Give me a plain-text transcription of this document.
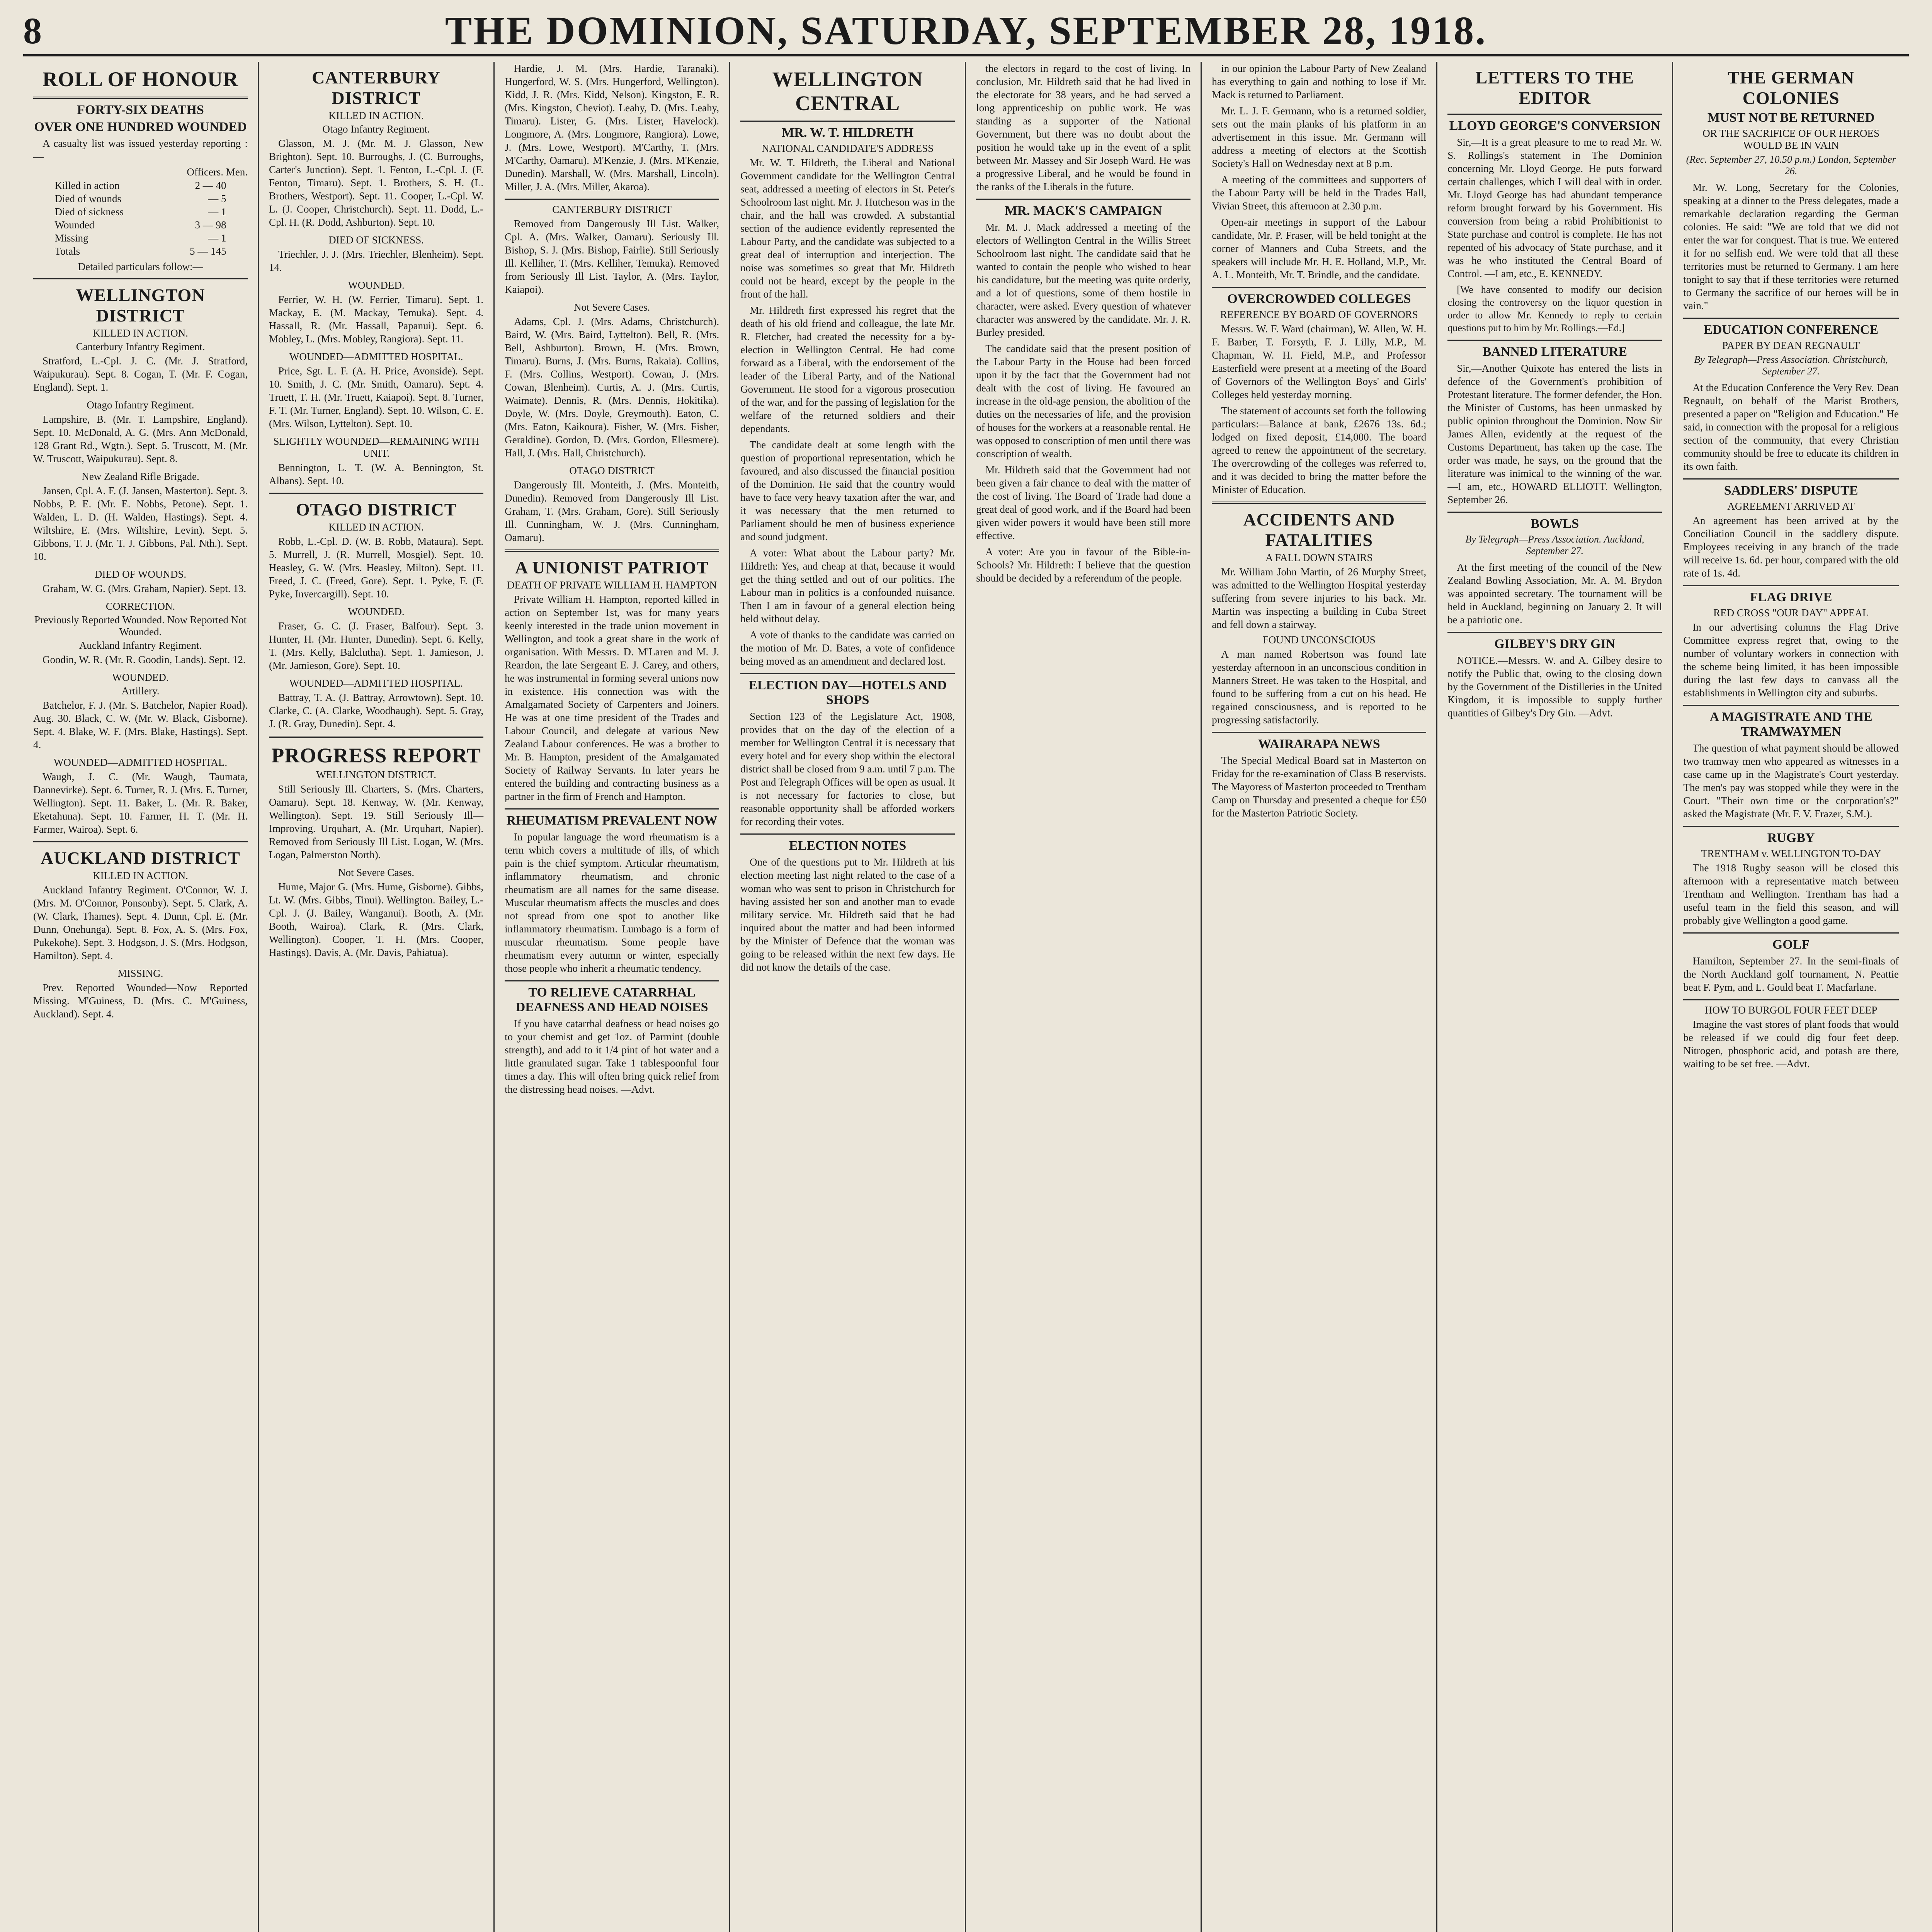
8	THE DOMINION, SATURDAY, SEPTEMBER 28, 1918.
ROLL OF HONOUR
FORTY-SIX DEATHS
OVER ONE HUNDRED WOUNDED

A casualty list was issued yesterday reporting :—

Officers. Men.
Killed in action	2 — 40
Died of wounds	— 5
Died of sickness	— 1
Wounded	3 — 98
Missing	— 1
Totals	5 — 145
Detailed particulars follow:—
WELLINGTON DISTRICT
KILLED IN ACTION.
Canterbury Infantry Regiment.

Stratford, L.-Cpl. J. C. (Mr. J. Stratford, Waipukurau). Sept. 8. Cogan, T. (Mr. F. Cogan, England). Sept. 1.

Otago Infantry Regiment.

Lampshire, B. (Mr. T. Lampshire, England). Sept. 10. McDonald, A. G. (Mrs. Ann McDonald, 128 Grant Rd., Wgtn.). Sept. 5. Truscott, M. (Mr. W. Truscott, Waipukurau). Sept. 8.

New Zealand Rifle Brigade.

Jansen, Cpl. A. F. (J. Jansen, Masterton). Sept. 3. Nobbs, P. E. (Mr. E. Nobbs, Petone). Sept. 1. Walden, L. D. (H. Walden, Hastings). Sept. 4. Wiltshire, E. (Mrs. Wiltshire, Levin). Sept. 5. Gibbons, T. J. (Mr. T. J. Gibbons, Pal. Nth.). Sept. 10.

DIED OF WOUNDS.

Graham, W. G. (Mrs. Graham, Napier). Sept. 13.

CORRECTION.
Previously Reported Wounded. Now Reported Not Wounded.
Auckland Infantry Regiment.

Goodin, W. R. (Mr. R. Goodin, Lands). Sept. 12.

WOUNDED.
Artillery.

Batchelor, F. J. (Mr. S. Batchelor, Napier Road). Aug. 30. Black, C. W. (Mr. W. Black, Gisborne). Sept. 4. Blake, W. F. (Mrs. Blake, Hastings). Sept. 4.

WOUNDED—ADMITTED HOSPITAL.

Waugh, J. C. (Mr. Waugh, Taumata, Dannevirke). Sept. 6. Turner, R. J. (Mrs. E. Turner, Wellington). Sept. 11. Baker, L. (Mr. R. Baker, Eketahuna). Sept. 10. Farmer, H. T. (Mr. H. Farmer, Wairoa). Sept. 6.

AUCKLAND DISTRICT
KILLED IN ACTION.

Auckland Infantry Regiment. O'Connor, W. J. (Mrs. M. O'Connor, Ponsonby). Sept. 5. Clark, A. (W. Clark, Thames). Sept. 4. Dunn, Cpl. E. (Mr. Dunn, Onehunga). Sept. 8. Fox, A. S. (Mrs. Fox, Pukekohe). Sept. 3. Hodgson, J. S. (Mrs. Hodgson, Hamilton). Sept. 4.

MISSING.

Prev. Reported Wounded—Now Reported Missing. M'Guiness, D. (Mrs. C. M'Guiness, Auckland). Sept. 4.

CANTERBURY DISTRICT
KILLED IN ACTION.
Otago Infantry Regiment.

Glasson, M. J. (Mr. M. J. Glasson, New Brighton). Sept. 10. Burroughs, J. (C. Burroughs, Carter's Junction). Sept. 1. Fenton, L.-Cpl. J. (F. Fenton, Timaru). Sept. 1. Brothers, S. H. (L. Brothers, Westport). Sept. 11. Cooper, L.-Cpl. W. L. (J. Cooper, Christchurch). Sept. 11. Dodd, L.-Cpl. H. (R. Dodd, Ashburton). Sept. 10.

DIED OF SICKNESS.

Triechler, J. J. (Mrs. Triechler, Blenheim). Sept. 14.

WOUNDED.

Ferrier, W. H. (W. Ferrier, Timaru). Sept. 1. Mackay, E. (M. Mackay, Temuka). Sept. 4. Hassall, R. (Mr. Hassall, Papanui). Sept. 6. Mobley, L. (Mrs. Mobley, Rangiora). Sept. 11.

WOUNDED—ADMITTED HOSPITAL.

Price, Sgt. L. F. (A. H. Price, Avonside). Sept. 10. Smith, J. C. (Mr. Smith, Oamaru). Sept. 4. Truett, T. H. (Mr. Truett, Kaiapoi). Sept. 8. Turner, F. T. (Mr. Turner, England). Sept. 10. Wilson, C. E. (Mrs. Wilson, Lyttelton). Sept. 10.

SLIGHTLY WOUNDED—REMAINING WITH UNIT.

Bennington, L. T. (W. A. Bennington, St. Albans). Sept. 10.

OTAGO DISTRICT
KILLED IN ACTION.

Robb, L.-Cpl. D. (W. B. Robb, Mataura). Sept. 5. Murrell, J. (R. Murrell, Mosgiel). Sept. 10. Heasley, G. W. (Mrs. Heasley, Milton). Sept. 11. Freed, J. C. (Freed, Gore). Sept. 1. Pyke, F. (F. Pyke, Invercargill). Sept. 10.

WOUNDED.

Fraser, G. C. (J. Fraser, Balfour). Sept. 3. Hunter, H. (Mr. Hunter, Dunedin). Sept. 6. Kelly, T. (Mrs. Kelly, Balclutha). Sept. 1. Jamieson, J. (Mr. Jamieson, Gore). Sept. 10.

WOUNDED—ADMITTED HOSPITAL.

Battray, T. A. (J. Battray, Arrowtown). Sept. 10. Clarke, C. (A. Clarke, Woodhaugh). Sept. 5. Gray, J. (R. Gray, Dunedin). Sept. 4.

PROGRESS REPORT
WELLINGTON DISTRICT.

Still Seriously Ill. Charters, S. (Mrs. Charters, Oamaru). Sept. 18. Kenway, W. (Mr. Kenway, Wellington). Sept. 19. Still Seriously Ill—Improving. Urquhart, A. (Mr. Urquhart, Napier). Removed from Seriously Ill List. Logan, W. (Mrs. Logan, Palmerston North).

Not Severe Cases.

Hume, Major G. (Mrs. Hume, Gisborne). Gibbs, Lt. W. (Mrs. Gibbs, Tinui). Wellington. Bailey, L.-Cpl. J. (J. Bailey, Wanganui). Booth, A. (Mr. Booth, Wairoa). Clark, R. (Mrs. Clark, Wellington). Cooper, T. H. (Mrs. Cooper, Hastings). Davis, A. (Mr. Davis, Pahiatua).

Hardie, J. M. (Mrs. Hardie, Taranaki). Hungerford, W. S. (Mrs. Hungerford, Wellington). Kidd, J. R. (Mrs. Kidd, Nelson). Kingston, E. R. (Mrs. Kingston, Cheviot). Leahy, D. (Mrs. Leahy, Timaru). Lister, G. (Mrs. Lister, Havelock). Longmore, A. (Mrs. Longmore, Rangiora). Lowe, J. (Mrs. Lowe, Westport). M'Carthy, T. (Mrs. M'Carthy, Oamaru). M'Kenzie, J. (Mrs. M'Kenzie, Dunedin). Marshall, W. (Mrs. Marshall, Lincoln). Miller, J. A. (Mrs. Miller, Akaroa).

CANTERBURY DISTRICT

Removed from Dangerously Ill List. Walker, Cpl. A. (Mrs. Walker, Oamaru). Seriously Ill. Bishop, S. J. (Mrs. Bishop, Fairlie). Still Seriously Ill. Kelliher, T. (Mrs. Kelliher, Temuka). Removed from Seriously Ill List. Taylor, A. (Mrs. Taylor, Kaiapoi).

Not Severe Cases.

Adams, Cpl. J. (Mrs. Adams, Christchurch). Baird, W. (Mrs. Baird, Lyttelton). Bell, R. (Mrs. Bell, Ashburton). Brown, H. (Mrs. Brown, Timaru). Burns, J. (Mrs. Burns, Rakaia). Collins, F. (Mrs. Collins, Westport). Cowan, J. (Mrs. Cowan, Blenheim). Curtis, A. J. (Mrs. Curtis, Waimate). Dennis, R. (Mrs. Dennis, Hokitika). Doyle, W. (Mrs. Doyle, Greymouth). Eaton, C. (Mrs. Eaton, Kaikoura). Fisher, W. (Mrs. Fisher, Geraldine). Gordon, D. (Mrs. Gordon, Ellesmere). Hall, J. (Mrs. Hall, Christchurch).

OTAGO DISTRICT

Dangerously Ill. Monteith, J. (Mrs. Monteith, Dunedin). Removed from Dangerously Ill List. Graham, T. (Mrs. Graham, Gore). Still Seriously Ill. Cunningham, W. J. (Mrs. Cunningham, Oamaru).

A UNIONIST PATRIOT
DEATH OF PRIVATE WILLIAM H. HAMPTON

Private William H. Hampton, reported killed in action on September 1st, was for many years keenly interested in the trade union movement in Wellington, and took a great share in the work of organisation. With Messrs. D. M'Laren and M. J. Reardon, the late Sergeant E. J. Carey, and others, he was instrumental in forming several unions now in existence. His connection was with the Amalgamated Society of Carpenters and Joiners. He was at one time president of the Trades and Labour Council, and delegate at various New Zealand Labour conferences. He was a brother to Mr. B. Hampton, president of the Amalgamated Society of Railway Servants. In later years he entered the building and contracting business as a partner in the firm of French and Hampton.

RHEUMATISM PREVALENT NOW

In popular language the word rheumatism is a term which covers a multitude of ills, of which pain is the chief symptom. Articular rheumatism, inflammatory rheumatism, and chronic rheumatism are all names for the same disease. Muscular rheumatism affects the muscles and does not spread from one spot to another like inflammatory rheumatism. Lumbago is a form of muscular rheumatism. Some people have rheumatism every autumn or winter, especially those people who inherit a rheumatic tendency.

TO RELIEVE CATARRHAL DEAFNESS AND HEAD NOISES

If you have catarrhal deafness or head noises go to your chemist and get 1oz. of Parmint (double strength), and add to it 1/4 pint of hot water and a little granulated sugar. Take 1 tablespoonful four times a day. This will often bring quick relief from the distressing head noises. —Advt.

WELLINGTON CENTRAL
MR. W. T. HILDRETH
NATIONAL CANDIDATE'S ADDRESS

Mr. W. T. Hildreth, the Liberal and National Government candidate for the Wellington Central seat, addressed a meeting of electors in St. Peter's Schoolroom last night. Mr. J. Hutcheson was in the chair, and the hall was crowded. A substantial section of the audience evidently represented the Labour Party, and the candidate was subjected to a great deal of interruption and interjection. The noise was sometimes so great that Mr. Hildreth could not be heard, except by the people in the front of the hall.

Mr. Hildreth first expressed his regret that the death of his old friend and colleague, the late Mr. R. Fletcher, had created the necessity for a by-election in Wellington Central. He had come forward as a Liberal, with the endorsement of the leader of the Liberal Party, and of the National Government. He stood for a vigorous prosecution of the war, and for the passing of legislation for the welfare of the returned soldiers and their dependants.

The candidate dealt at some length with the question of proportional representation, which he favoured, and also discussed the financial position of the Dominion. He said that the country would have to face very heavy taxation after the war, and it was necessary that the men returned to Parliament should be men of business experience and sound judgment.

A voter: What about the Labour party? Mr. Hildreth: Yes, and cheap at that, because it would get the thing settled and out of our politics. The Labour man in politics is a confounded nuisance. Then I am in favour of a general election being held without delay.

A vote of thanks to the candidate was carried on the motion of Mr. D. Bates, a vote of confidence being moved as an amendment and declared lost.

ELECTION DAY—HOTELS AND SHOPS

Section 123 of the Legislature Act, 1908, provides that on the day of the election of a member for Wellington Central it is necessary that every hotel and for every shop within the electoral district shall be closed from 9 a.m. until 7 p.m. The Post and Telegraph Offices will be open as usual. It is not necessary for factories to close, but reasonable opportunity shall be afforded workers for recording their votes.

ELECTION NOTES

One of the questions put to Mr. Hildreth at his election meeting last night related to the case of a woman who was sent to prison in Christchurch for having assisted her son and another man to evade military service. Mr. Hildreth said that he had inquired about the matter and had been informed by the Minister of Defence that the woman was going to be released within the next few days. He did not know the details of the case.

the electors in regard to the cost of living. In conclusion, Mr. Hildreth said that he had lived in the electorate for 38 years, and he had served a long apprenticeship on public work. He was standing as a supporter of the National Government, but there was no doubt about the position he would take up in the event of a split between Mr. Massey and Sir Joseph Ward. He was a progressive Liberal, and he would be found in the ranks of the Liberals in the future.

MR. MACK'S CAMPAIGN

Mr. M. J. Mack addressed a meeting of the electors of Wellington Central in the Willis Street Schoolroom last night. The candidate said that he wanted to contain the people who wished to hear his candidature, but the meeting was quite orderly, and a lot of questions, some of them hostile in character, were asked. Every question of whatever character was answered by the candidate. Mr. J. R. Burley presided.

The candidate said that the present position of the Labour Party in the House had been forced upon it by the fact that the Government had not dealt with the cost of living. He favoured an increase in the old-age pension, the abolition of the duties on the necessaries of life, and the provision of houses for the workers at a reasonable rental. He was opposed to conscription of men until there was conscription of wealth.

Mr. Hildreth said that the Government had not been given a fair chance to deal with the matter of the cost of living. The Board of Trade had done a great deal of good work, and if the Board had been given wider powers it would have been still more effective.

A voter: Are you in favour of the Bible-in-Schools? Mr. Hildreth: I believe that the question should be decided by a referendum of the people.

in our opinion the Labour Party of New Zealand has everything to gain and nothing to lose if Mr. Mack is returned to Parliament.

Mr. L. J. F. Germann, who is a returned soldier, sets out the main planks of his platform in an advertisement in this issue. Mr. Germann will address a meeting of electors at the Scottish Society's Hall on Wednesday next at 8 p.m.

A meeting of the committees and supporters of the Labour Party will be held in the Trades Hall, Vivian Street, this afternoon at 2.30 p.m.

Open-air meetings in support of the Labour candidate, Mr. P. Fraser, will be held tonight at the corner of Manners and Cuba Streets, and the speakers will include Mr. H. E. Holland, M.P., Mr. A. L. Monteith, Mr. T. Brindle, and the candidate.

OVERCROWDED COLLEGES
REFERENCE BY BOARD OF GOVERNORS

Messrs. W. F. Ward (chairman), W. Allen, W. H. F. Barber, T. Forsyth, F. J. Lilly, M.P., M. Chapman, W. H. Field, M.P., and Professor Easterfield were present at a meeting of the Board of Governors of the Wellington Boys' and Girls' Colleges held yesterday morning.

The statement of accounts set forth the following particulars:—Balance at bank, £2676 13s. 6d.; lodged on fixed deposit, £14,000. The board agreed to renew the appointment of the secretary. The overcrowding of the colleges was referred to, and it was decided to bring the matter before the Minister of Education.

ACCIDENTS AND FATALITIES
A FALL DOWN STAIRS

Mr. William John Martin, of 26 Murphy Street, was admitted to the Wellington Hospital yesterday suffering from severe injuries to his back. Mr. Martin was inspecting a building in Cuba Street and fell down a stairway.

FOUND UNCONSCIOUS

A man named Robertson was found late yesterday afternoon in an unconscious condition in Manners Street. He was taken to the Hospital, and found to be suffering from a cut on his head. He regained consciousness, and is reported to be progressing satisfactorily.

WAIRARAPA NEWS

The Special Medical Board sat in Masterton on Friday for the re-examination of Class B reservists. The Mayoress of Masterton proceeded to Trentham Camp on Thursday and presented a cheque for £50 for the Masterton Patriotic Society.

LETTERS TO THE EDITOR
LLOYD GEORGE'S CONVERSION

Sir,—It is a great pleasure to me to read Mr. W. S. Rollings's statement in The Dominion concerning Mr. Lloyd George. He puts forward certain challenges, which I will deal with in order. Mr. Lloyd George has had abundant temperance reform brought forward by his Government. His conversion from being a rabid Prohibitionist to State purchase and control is complete. He has not repented of his advocacy of State purchase, and it was he who instituted the Central Board of Control. —I am, etc., E. KENNEDY.

[We have consented to modify our decision closing the controversy on the liquor question in order to allow Mr. Kennedy to reply to certain questions put to him by Mr. Rollings.—Ed.]

BANNED LITERATURE

Sir,—Another Quixote has entered the lists in defence of the Government's prohibition of Protestant literature. The former defender, the Hon. the Minister of Customs, has been unmasked by public opinion throughout the Dominion. Now Sir James Allen, evidently at the request of the Customs Department, has taken up the case. The order was made, he says, on the ground that the literature was inimical to the winning of the war. —I am, etc., HOWARD ELLIOTT. Wellington, September 26.

BOWLS
By Telegraph—Press Association. Auckland, September 27.

At the first meeting of the council of the New Zealand Bowling Association, Mr. A. M. Brydon was appointed secretary. The tournament will be held in Auckland, beginning on January 2. It will be a patriotic one.

GILBEY'S DRY GIN

NOTICE.—Messrs. W. and A. Gilbey desire to notify the Public that, owing to the closing down by the Government of the Distilleries in the United Kingdom, it is impossible to supply further quantities of Gilbey's Dry Gin. —Advt.

THE GERMAN COLONIES
MUST NOT BE RETURNED
OR THE SACRIFICE OF OUR HEROES WOULD BE IN VAIN
(Rec. September 27, 10.50 p.m.) London, September 26.

Mr. W. Long, Secretary for the Colonies, speaking at a dinner to the Press delegates, made a remarkable declaration regarding the German colonies. He said: "We are told that we did not enter the war for conquest. That is true. We entered it for no selfish end. We were told that all these territories must be returned to Germany. I am here tonight to say that if these territories were returned to Germany the sacrifice of our heroes will be in vain."

EDUCATION CONFERENCE
PAPER BY DEAN REGNAULT
By Telegraph—Press Association. Christchurch, September 27.

At the Education Conference the Very Rev. Dean Regnault, on behalf of the Marist Brothers, presented a paper on "Religion and Education." He said, in connection with the proposal for a religious section of the community, that every Christian community should be free to educate its children in its own faith.

SADDLERS' DISPUTE
AGREEMENT ARRIVED AT

An agreement has been arrived at by the Conciliation Council in the saddlery dispute. Employees receiving in any branch of the trade will receive 1s. 6d. per hour, compared with the old rate of 1s. 4d.

FLAG DRIVE
RED CROSS "OUR DAY" APPEAL

In our advertising columns the Flag Drive Committee express regret that, owing to the number of voluntary workers in connection with the scheme being limited, it has been impossible during the last few days to canvass all the establishments in Wellington city and suburbs.

A MAGISTRATE AND THE TRAMWAYMEN

The question of what payment should be allowed two tramway men who appeared as witnesses in a case came up in the Magistrate's Court yesterday. The men's pay was stopped while they were in the Court. "Their own time or the corporation's?" asked the Magistrate (Mr. F. V. Frazer, S.M.).

RUGBY
TRENTHAM v. WELLINGTON TO-DAY

The 1918 Rugby season will be closed this afternoon with a representative match between Trentham and Wellington. Trentham has had a useful team in the field this season, and will probably give Wellington a good game.

GOLF

Hamilton, September 27. In the semi-finals of the North Auckland golf tournament, N. Peattie beat F. Pym, and L. Gould beat T. Macfarlane.

HOW TO BURGOL FOUR FEET DEEP

Imagine the vast stores of plant foods that would be released if we could dig four feet deep. Nitrogen, phosphoric acid, and potash are there, waiting to be set free. —Advt.
